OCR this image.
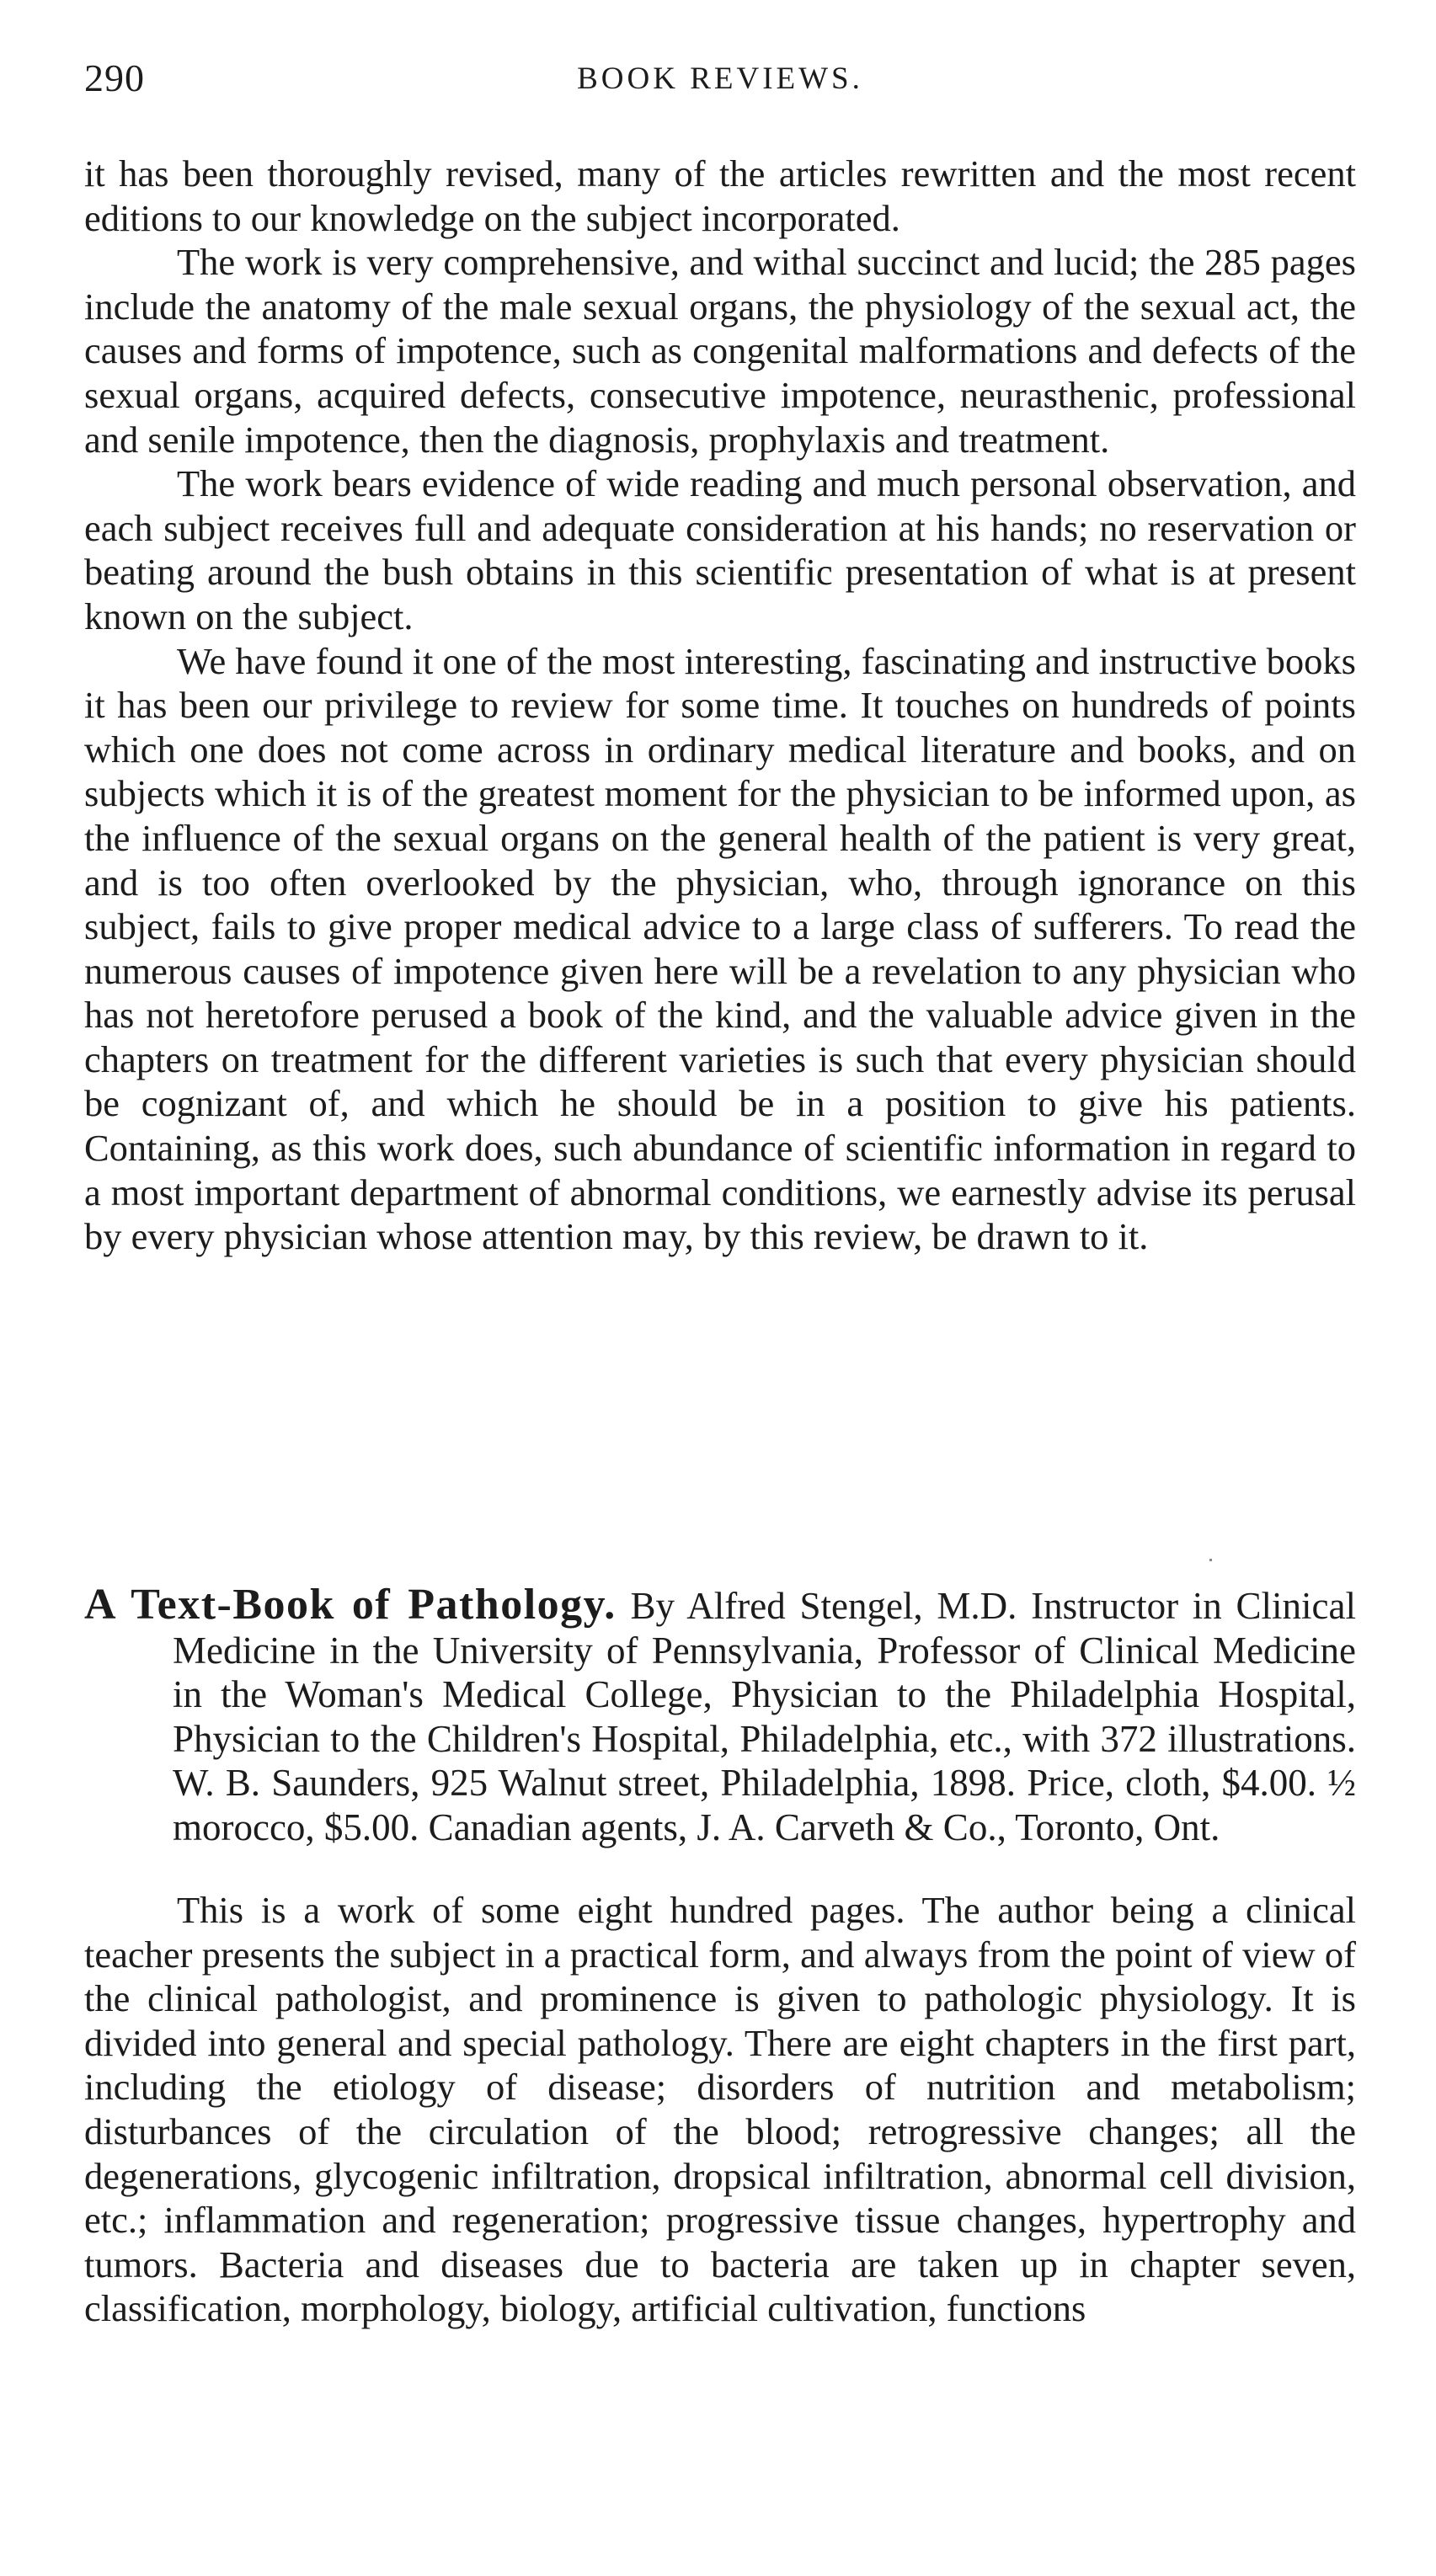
290	BOOK REVIEWS.

it has been thoroughly revised, many of the articles rewritten and the most recent editions to our knowledge on the subject incorporated.

The work is very comprehensive, and withal succinct and lucid; the 285 pages include the anatomy of the male sexual organs, the physiology of the sexual act, the causes and forms of impotence, such as congenital malformations and defects of the sexual organs, acquired defects, consecutive impotence, neurasthenic, professional and senile impotence, then the diagnosis, prophylaxis and treatment.

The work bears evidence of wide reading and much personal observation, and each subject receives full and adequate consideration at his hands; no reservation or beating around the bush obtains in this scientific presentation of what is at present known on the subject.

We have found it one of the most interesting, fascinating and instructive books it has been our privilege to review for some time. It touches on hundreds of points which one does not come across in ordinary medical literature and books, and on subjects which it is of the greatest moment for the physician to be informed upon, as the influence of the sexual organs on the general health of the patient is very great, and is too often overlooked by the physician, who, through ignorance on this subject, fails to give proper medical advice to a large class of sufferers. To read the numerous causes of impotence given here will be a revelation to any physician who has not heretofore perused a book of the kind, and the valuable advice given in the chapters on treatment for the different varieties is such that every physician should be cognizant of, and which he should be in a position to give his patients. Containing, as this work does, such abundance of scientific information in regard to a most important department of abnormal conditions, we earnestly advise its perusal by every physician whose attention may, by this review, be drawn to it.

A Text-Book of Pathology. By Alfred Stengel, M.D. Instructor in Clinical Medicine in the University of Pennsylvania, Professor of Clinical Medicine in the Woman's Medical College, Physician to the Philadelphia Hospital, Physician to the Children's Hospital, Philadelphia, etc., with 372 illustrations. W. B. Saunders, 925 Walnut street, Philadelphia, 1898. Price, cloth, $4.00. ½ morocco, $5.00. Canadian agents, J. A. Carveth & Co., Toronto, Ont.

This is a work of some eight hundred pages. The author being a clinical teacher presents the subject in a practical form, and always from the point of view of the clinical pathologist, and prominence is given to pathologic physiology. It is divided into general and special pathology. There are eight chapters in the first part, including the etiology of disease; disorders of nutrition and metabolism; disturbances of the circulation of the blood; retrogressive changes; all the degenerations, glycogenic infiltration, dropsical infiltration, abnormal cell division, etc.; inflammation and regeneration; progressive tissue changes, hypertrophy and tumors. Bacteria and diseases due to bacteria are taken up in chapter seven, classification, morphology, biology, artificial cultivation, functions
